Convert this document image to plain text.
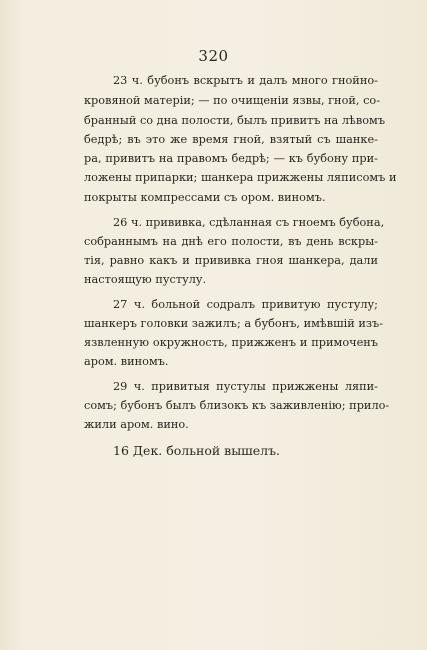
320
23 ч. бубонъ вскрытъ и далъ много гнойно-
кровяной матеріи; — по очищеніи язвы, гной, со-
бранный со дна полости, былъ привитъ на лѣвомъ
бедрѣ; въ это же время гной, взятый съ шанке-
ра, привитъ на правомъ бедрѣ; — къ бубону при-
ложены припарки; шанкера прижжены ляписомъ и
покрыты компрессами съ ором. виномъ.
26 ч. прививка, сдѣланная съ гноемъ бубона,
собраннымъ на днѣ его полости, въ день вскры-
тія, равно какъ и прививка гноя шанкера, дали
настоящую пустулу.
27 ч. больной содралъ привитую пустулу;
шанкеръ головки зажилъ; а бубонъ, имѣвшій изъ-
язвленную окружность, прижженъ и примоченъ
аром. виномъ.
29 ч. привитыя пустулы прижжены ляпи-
сомъ; бубонъ былъ близокъ къ заживленію; прило-
жили аром. вино.
16 Дек. больной вышелъ.
